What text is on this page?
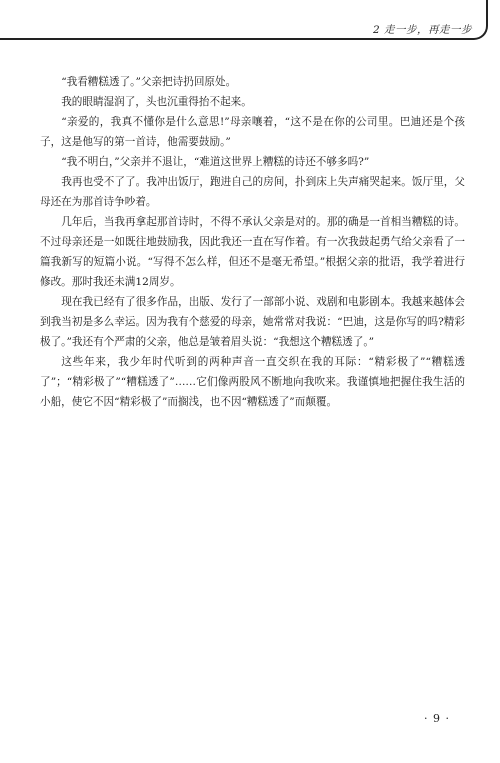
2 走一步，再走一步

“我看糟糕透了。”父亲把诗扔回原处。

我的眼睛湿润了，头也沉重得抬不起来。

“亲爱的，我真不懂你是什么意思!”母亲嚷着，“这不是在你的公司里。巴迪还是个孩子，这是他写的第一首诗，他需要鼓励。”

“我不明白，”父亲并不退让，“难道这世界上糟糕的诗还不够多吗?”

我再也受不了了。我冲出饭厅，跑进自己的房间，扑到床上失声痛哭起来。饭厅里，父母还在为那首诗争吵着。

几年后，当我再拿起那首诗时，不得不承认父亲是对的。那的确是一首相当糟糕的诗。不过母亲还是一如既往地鼓励我，因此我还一直在写作着。有一次我鼓起勇气给父亲看了一篇我新写的短篇小说。“写得不怎么样，但还不是毫无希望。”根据父亲的批语，我学着进行修改。那时我还未满12周岁。

现在我已经有了很多作品，出版、发行了一部部小说、戏剧和电影剧本。我越来越体会到我当初是多么幸运。因为我有个慈爱的母亲，她常常对我说：“巴迪，这是你写的吗?精彩极了。”我还有个严肃的父亲，他总是皱着眉头说：“我想这个糟糕透了。”

这些年来，我少年时代听到的两种声音一直交织在我的耳际：“精彩极了”“糟糕透了”；“精彩极了”“糟糕透了”……它们像两股风不断地向我吹来。我谨慎地把握住我生活的小船，使它不因“精彩极了”而搁浅，也不因“糟糕透了”而颠覆。

· 9 ·
